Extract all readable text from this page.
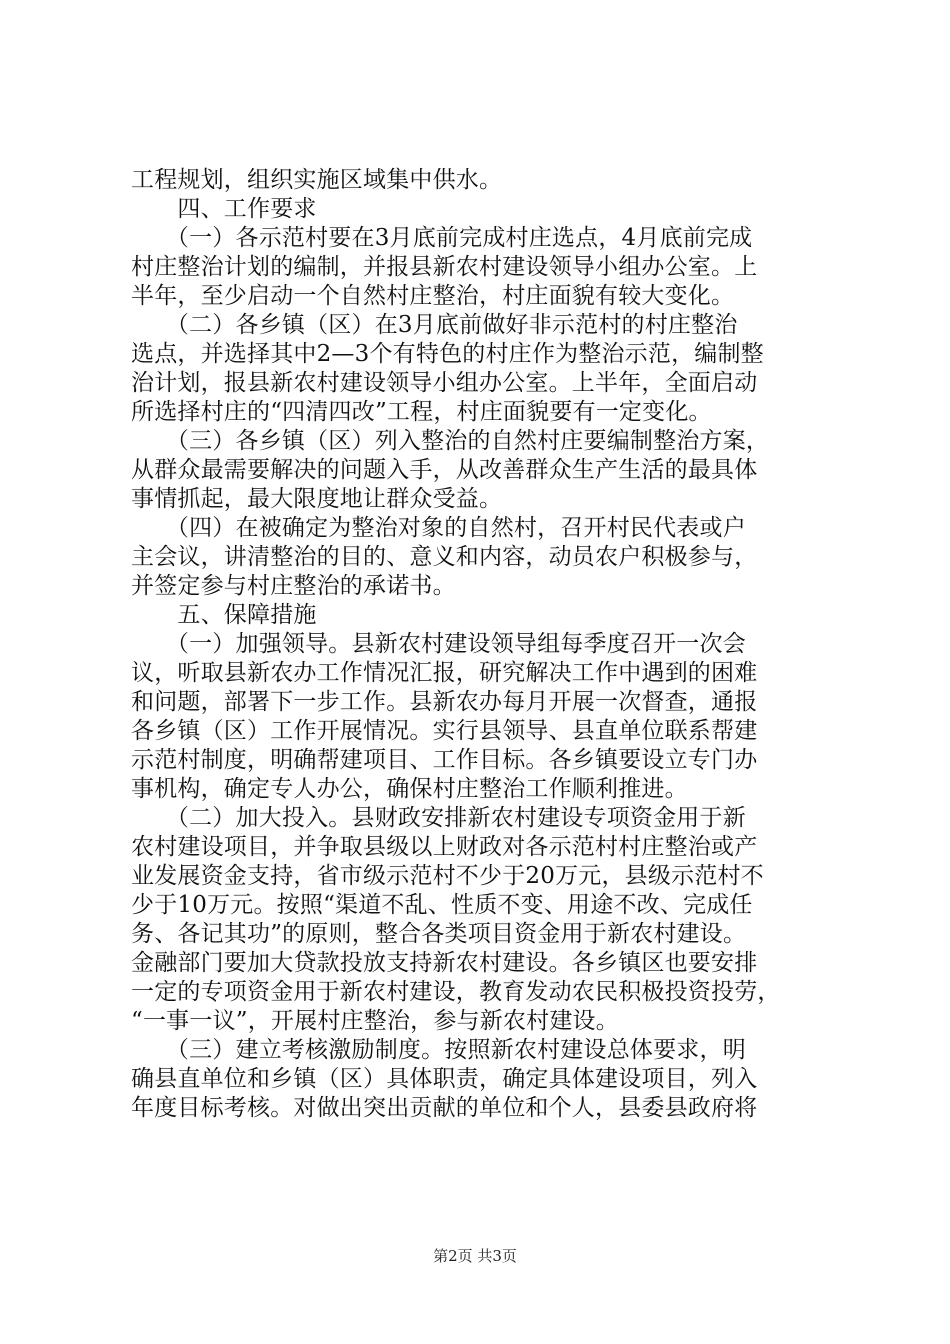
工程规划，组织实施区域集中供水。
　　四、工作要求
　　（一）各示范村要在3月底前完成村庄选点，4月底前完成
村庄整治计划的编制，并报县新农村建设领导小组办公室。上
半年，至少启动一个自然村庄整治，村庄面貌有较大变化。
　　（二）各乡镇（区）在3月底前做好非示范村的村庄整治
选点，并选择其中2—3个有特色的村庄作为整治示范，编制整
治计划，报县新农村建设领导小组办公室。上半年，全面启动
所选择村庄的“四清四改”工程，村庄面貌要有一定变化。
　　（三）各乡镇（区）列入整治的自然村庄要编制整治方案，
从群众最需要解决的问题入手，从改善群众生产生活的最具体
事情抓起，最大限度地让群众受益。
　　（四）在被确定为整治对象的自然村，召开村民代表或户
主会议，讲清整治的目的、意义和内容，动员农户积极参与，
并签定参与村庄整治的承诺书。
　　五、保障措施
　　（一）加强领导。县新农村建设领导组每季度召开一次会
议，听取县新农办工作情况汇报，研究解决工作中遇到的困难
和问题，部署下一步工作。县新农办每月开展一次督查，通报
各乡镇（区）工作开展情况。实行县领导、县直单位联系帮建
示范村制度，明确帮建项目、工作目标。各乡镇要设立专门办
事机构，确定专人办公，确保村庄整治工作顺利推进。
　　（二）加大投入。县财政安排新农村建设专项资金用于新
农村建设项目，并争取县级以上财政对各示范村村庄整治或产
业发展资金支持，省市级示范村不少于20万元，县级示范村不
少于10万元。按照“渠道不乱、性质不变、用途不改、完成任
务、各记其功”的原则，整合各类项目资金用于新农村建设。
金融部门要加大贷款投放支持新农村建设。各乡镇区也要安排
一定的专项资金用于新农村建设，教育发动农民积极投资投劳，
“一事一议”，开展村庄整治，参与新农村建设。
　　（三）建立考核激励制度。按照新农村建设总体要求，明
确县直单位和乡镇（区）具体职责，确定具体建设项目，列入
年度目标考核。对做出突出贡献的单位和个人，县委县政府将
第2页 共3页
